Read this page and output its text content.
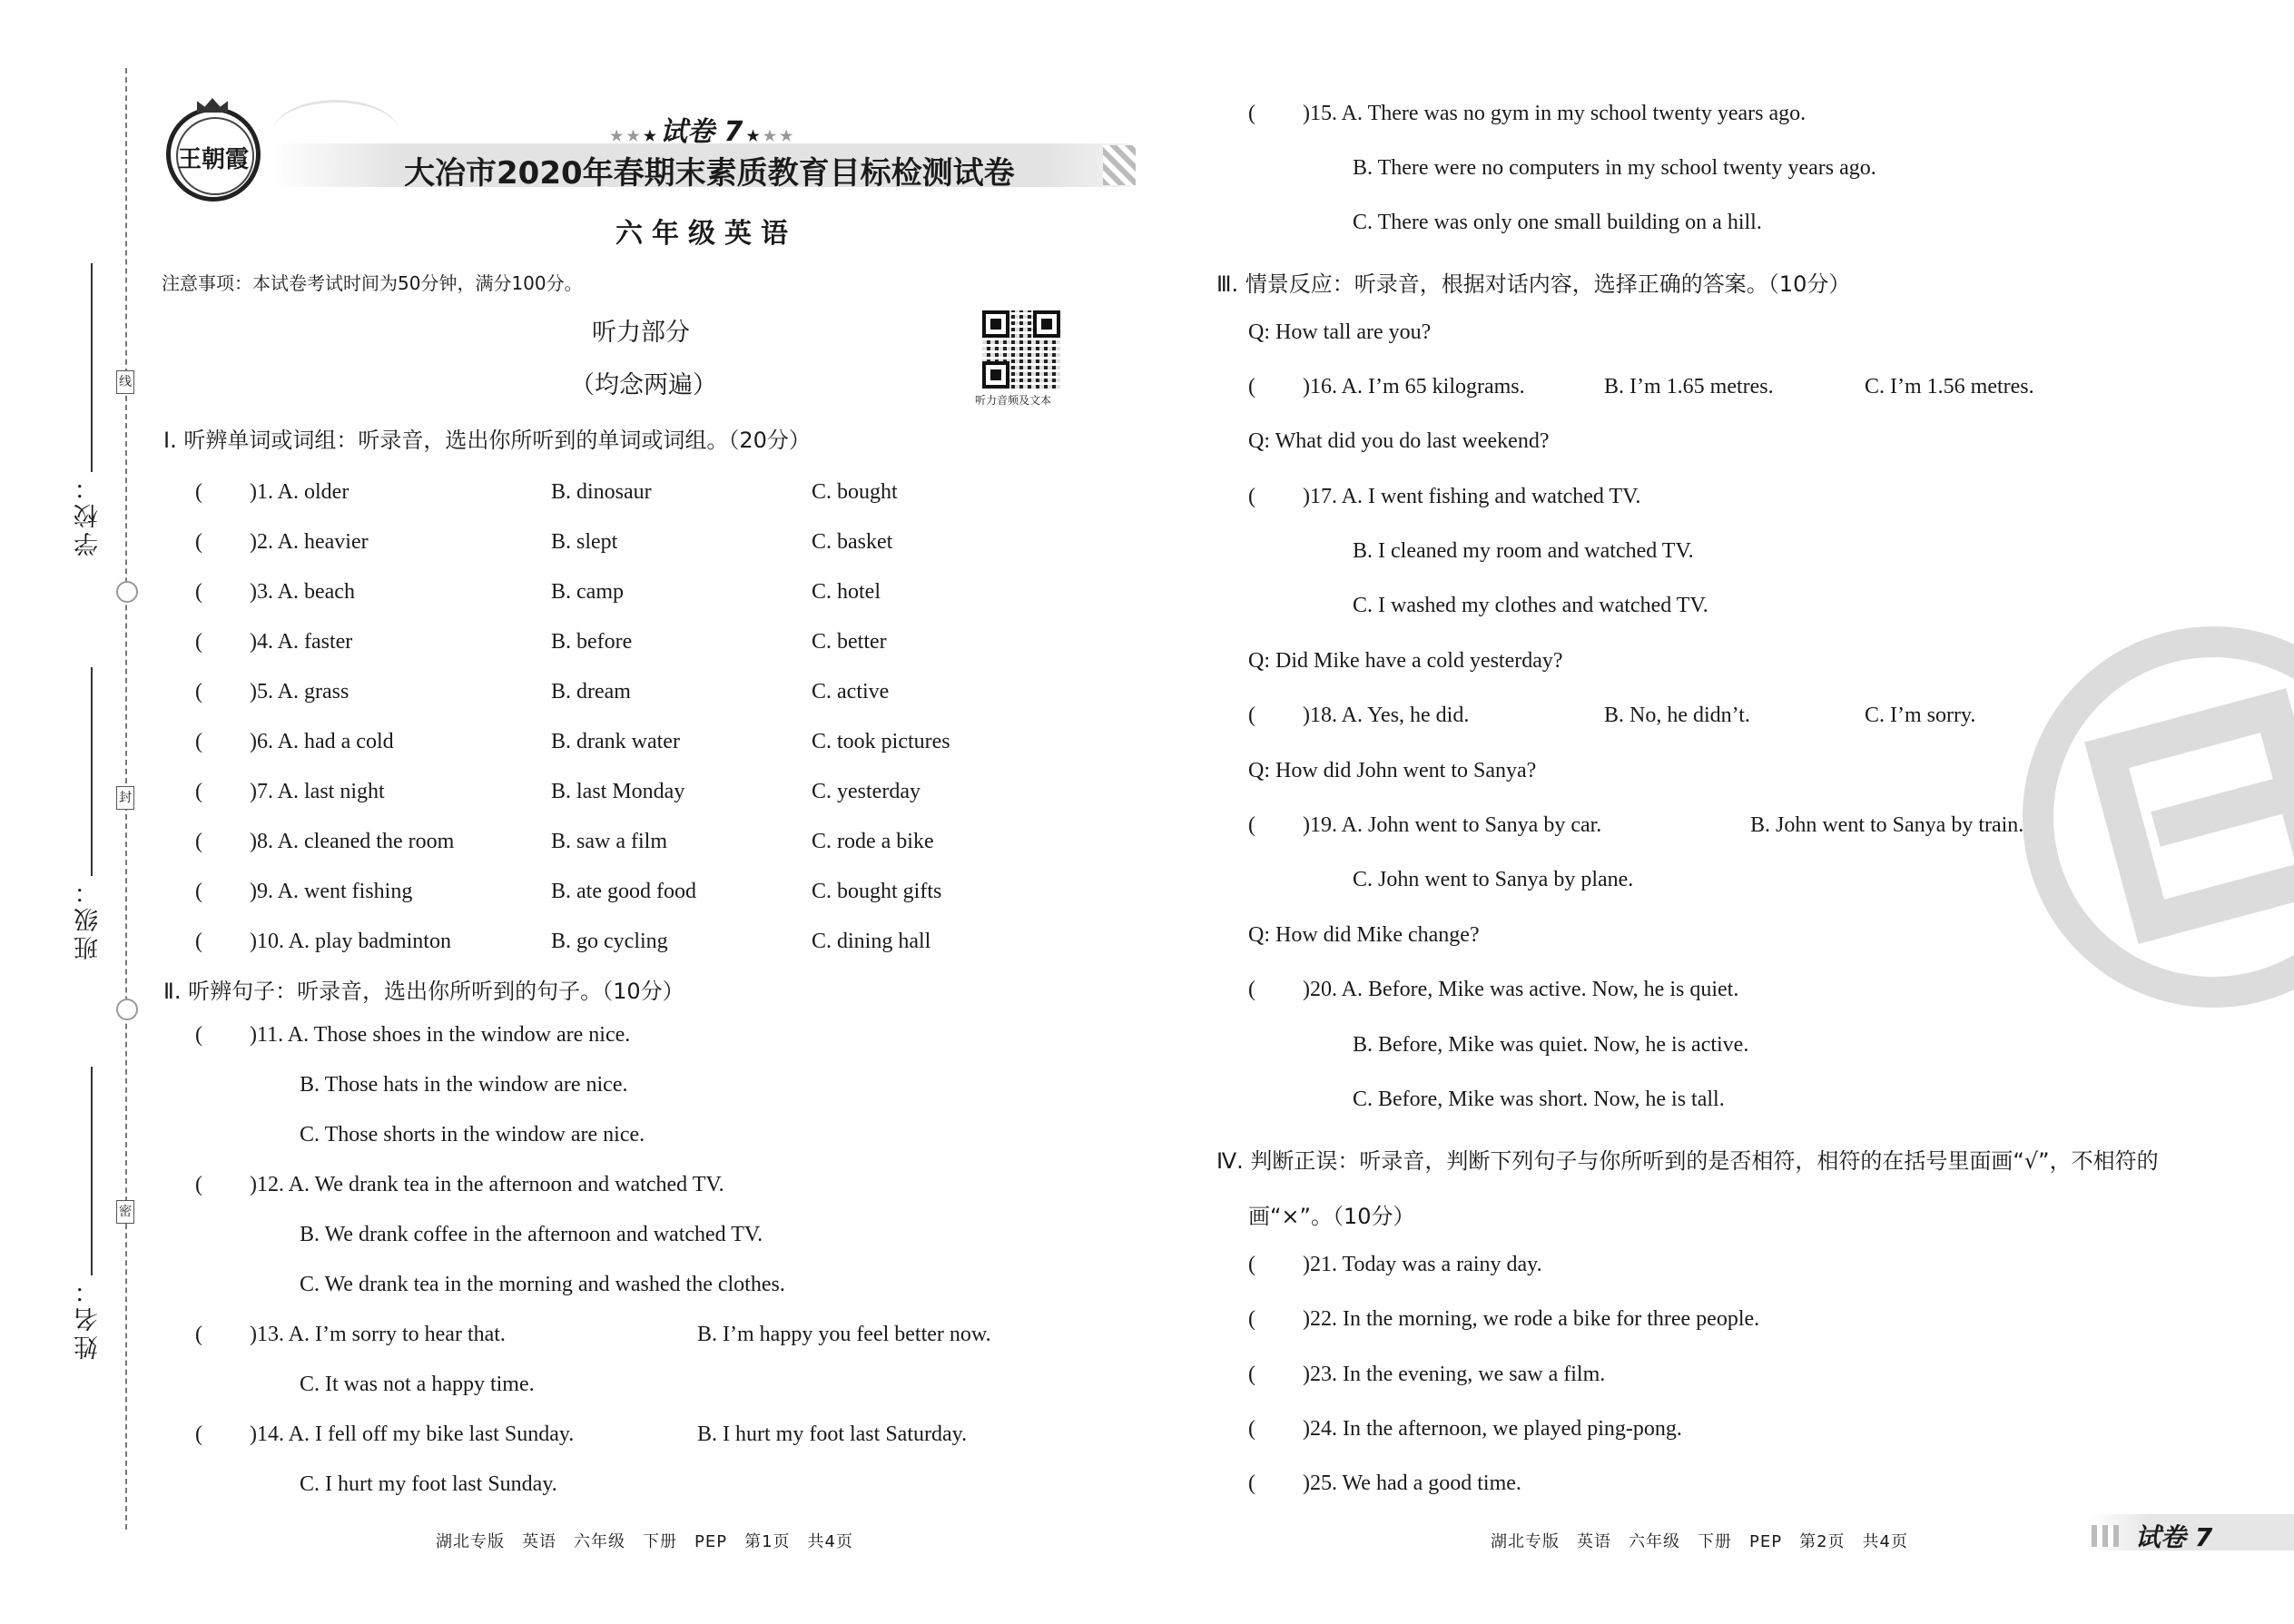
线
封
密
学校：
班级：
姓名：
王朝霞
★ ★ ★ 试卷 7 ★ ★ ★
大冶市2020年春期末素质教育目标检测试卷
六年级英语
注意事项：本试卷考试时间为50分钟，满分100分。
听力部分
（均念两遍）
听力音频及文本
Ⅰ. 听辨单词或词组：听录音，选出你所听到的单词或词组。（20分）
( )1. A. older	B. dinosaur	C. bought
( )2. A. heavier	B. slept	C. basket
( )3. A. beach	B. camp	C. hotel
( )4. A. faster	B. before	C. better
( )5. A. grass	B. dream	C. active
( )6. A. had a cold	B. drank water	C. took pictures
( )7. A. last night	B. last Monday	C. yesterday
( )8. A. cleaned the room	B. saw a film	C. rode a bike
( )9. A. went fishing	B. ate good food	C. bought gifts
( )10. A. play badminton	B. go cycling	C. dining hall
Ⅱ. 听辨句子：听录音，选出你所听到的句子。（10分）
( )11. A. Those shoes in the window are nice.
B. Those hats in the window are nice.
C. Those shorts in the window are nice.
( )12. A. We drank tea in the afternoon and watched TV.
B. We drank coffee in the afternoon and watched TV.
C. We drank tea in the morning and washed the clothes.
( )13. A. I’m sorry to hear that.	B. I’m happy you feel better now.
C. It was not a happy time.
( )14. A. I fell off my bike last Sunday.	B. I hurt my foot last Saturday.
C. I hurt my foot last Sunday.
湖北专版　英语　六年级　下册　PEP　第1页　共4页
( )15. A. There was no gym in my school twenty years ago.
B. There were no computers in my school twenty years ago.
C. There was only one small building on a hill.
Ⅲ. 情景反应：听录音，根据对话内容，选择正确的答案。（10分）
Q: How tall are you?
( )16. A. I’m 65 kilograms.	B. I’m 1.65 metres.	C. I’m 1.56 metres.
Q: What did you do last weekend?
( )17. A. I went fishing and watched TV.
B. I cleaned my room and watched TV.
C. I washed my clothes and watched TV.
Q: Did Mike have a cold yesterday?
( )18. A. Yes, he did.	B. No, he didn’t.	C. I’m sorry.
Q: How did John went to Sanya?
( )19. A. John went to Sanya by car.	B. John went to Sanya by train.
C. John went to Sanya by plane.
Q: How did Mike change?
( )20. A. Before, Mike was active. Now, he is quiet.
B. Before, Mike was quiet. Now, he is active.
C. Before, Mike was short. Now, he is tall.
Ⅳ. 判断正误：听录音，判断下列句子与你所听到的是否相符，相符的在括号里面画“√”，不相符的
画“×”。（10分）
( )21. Today was a rainy day.
( )22. In the morning, we rode a bike for three people.
( )23. In the evening, we saw a film.
( )24. In the afternoon, we played ping-pong.
( )25. We had a good time.
湖北专版　英语　六年级　下册　PEP　第2页　共4页	试卷 7
